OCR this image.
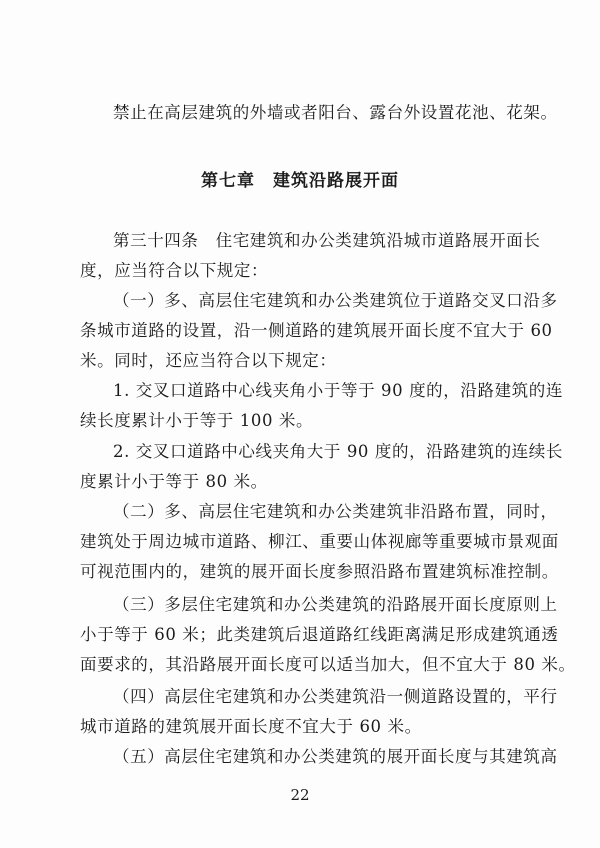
禁止在高层建筑的外墙或者阳台、露台外设置花池、花架。
第七章　建筑沿路展开面
第三十四条　住宅建筑和办公类建筑沿城市道路展开面长
度，应当符合以下规定：
（一）多、高层住宅建筑和办公类建筑位于道路交叉口沿多
条城市道路的设置，沿一侧道路的建筑展开面长度不宜大于 60
米。同时，还应当符合以下规定：
1. 交叉口道路中心线夹角小于等于 90 度的，沿路建筑的连
续长度累计小于等于 100 米。
2. 交叉口道路中心线夹角大于 90 度的，沿路建筑的连续长
度累计小于等于 80 米。
（二）多、高层住宅建筑和办公类建筑非沿路布置，同时，
建筑处于周边城市道路、柳江、重要山体视廊等重要城市景观面
可视范围内的，建筑的展开面长度参照沿路布置建筑标准控制。
（三）多层住宅建筑和办公类建筑的沿路展开面长度原则上
小于等于 60 米；此类建筑后退道路红线距离满足形成建筑通透
面要求的，其沿路展开面长度可以适当加大，但不宜大于 80 米。
（四）高层住宅建筑和办公类建筑沿一侧道路设置的，平行
城市道路的建筑展开面长度不宜大于 60 米。
（五）高层住宅建筑和办公类建筑的展开面长度与其建筑高
22
